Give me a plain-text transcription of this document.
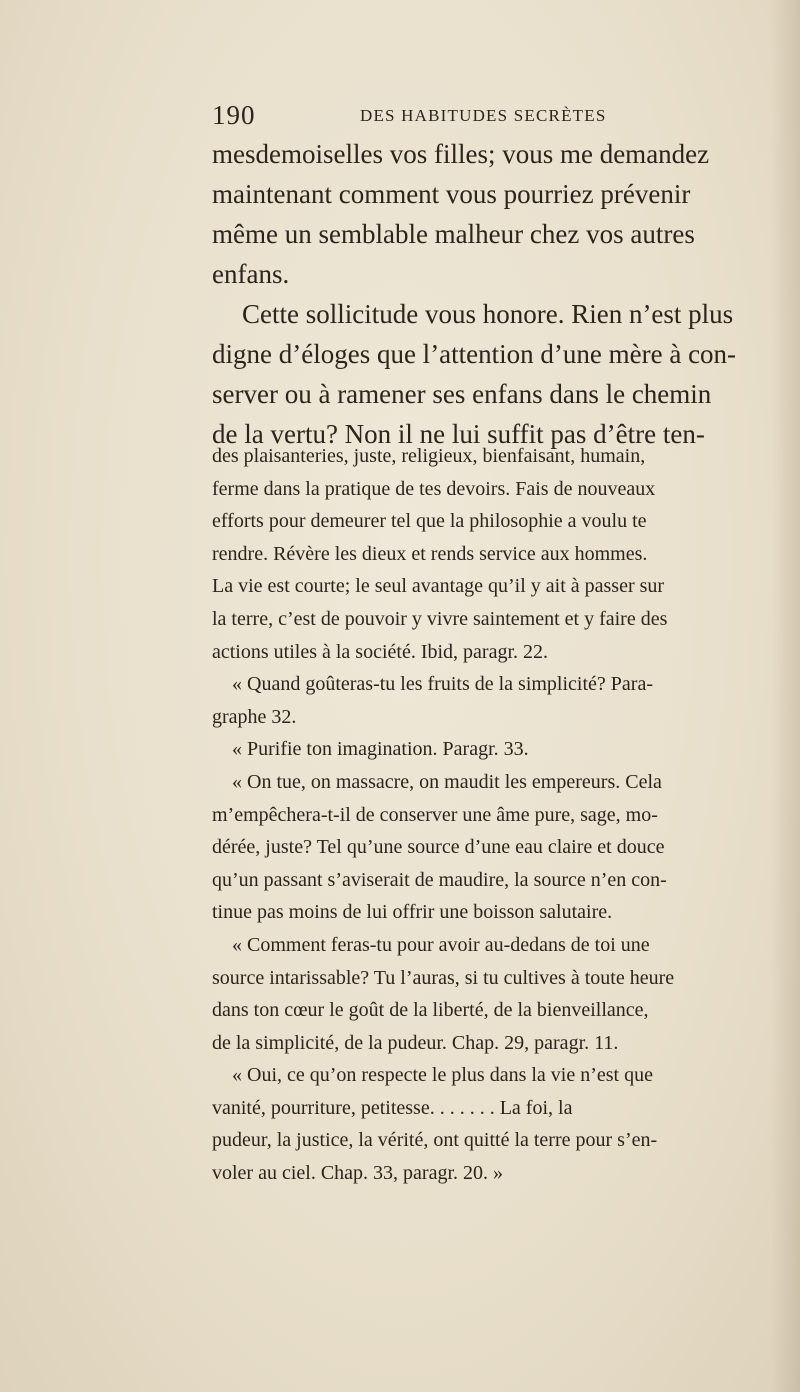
190	DES HABITUDES SECRÈTES
mesdemoiselles vos filles; vous me demandez
maintenant comment vous pourriez prévenir
même un semblable malheur chez vos autres
enfans.
Cette sollicitude vous honore. Rien n’est plus
digne d’éloges que l’attention d’une mère à con-
server ou à ramener ses enfans dans le chemin
de la vertu? Non il ne lui suffit pas d’être ten-
des plaisanteries, juste, religieux, bienfaisant, humain,
ferme dans la pratique de tes devoirs. Fais de nouveaux
efforts pour demeurer tel que la philosophie a voulu te
rendre. Révère les dieux et rends service aux hommes.
La vie est courte; le seul avantage qu’il y ait à passer sur
la terre, c’est de pouvoir y vivre saintement et y faire des
actions utiles à la société. Ibid, paragr. 22.
« Quand goûteras-tu les fruits de la simplicité? Para-
graphe 32.
« Purifie ton imagination. Paragr. 33.
« On tue, on massacre, on maudit les empereurs. Cela
m’empêchera-t-il de conserver une âme pure, sage, mo-
dérée, juste? Tel qu’une source d’une eau claire et douce
qu’un passant s’aviserait de maudire, la source n’en con-
tinue pas moins de lui offrir une boisson salutaire.
« Comment feras-tu pour avoir au-dedans de toi une
source intarissable? Tu l’auras, si tu cultives à toute heure
dans ton cœur le goût de la liberté, de la bienveillance,
de la simplicité, de la pudeur. Chap. 29, paragr. 11.
« Oui, ce qu’on respecte le plus dans la vie n’est que
vanité, pourriture, petitesse. . . . . . . La foi, la
pudeur, la justice, la vérité, ont quitté la terre pour s’en-
voler au ciel. Chap. 33, paragr. 20. »
